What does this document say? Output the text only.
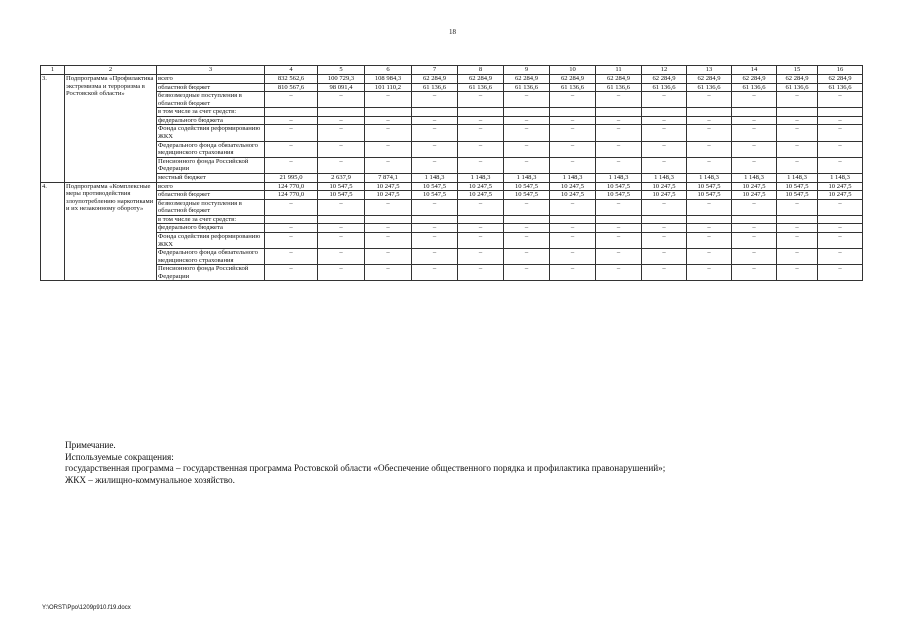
18
1	2	3	4	5	6	7	8	9	10	11	12	13	14	15	16
3.	Подпрограмма «Профилактика экстремизма и терроризма в Ростовской области»	всего	832 562,6	100 729,3	108 984,3	62 284,9	62 284,9	62 284,9	62 284,9	62 284,9	62 284,9	62 284,9	62 284,9	62 284,9	62 284,9
		областной бюджет	810 567,6	98 091,4	101 110,2	61 136,6	61 136,6	61 136,6	61 136,6	61 136,6	61 136,6	61 136,6	61 136,6	61 136,6	61 136,6
		безвозмездные поступления в областной бюджет	–	–	–	–	–	–	–	–	–	–	–	–	–
		в том числе за счет средств:													
		федерального бюджета	–	–	–	–	–	–	–	–	–	–	–	–	–
		Фонда содействия реформированию ЖКХ	–	–	–	–	–	–	–	–	–	–	–	–	–
		Федерального фонда обязательного медицинского страхования	–	–	–	–	–	–	–	–	–	–	–	–	–
		Пенсионного фонда Российской Федерации	–	–	–	–	–	–	–	–	–	–	–	–	–
		местный бюджет	21 995,0	2 637,9	7 874,1	1 148,3	1 148,3	1 148,3	1 148,3	1 148,3	1 148,3	1 148,3	1 148,3	1 148,3	1 148,3
4.	Подпрограмма «Комплексные меры противодействия злоупотреблению наркотиками и их незаконному обороту»	всего	124 770,0	10 547,5	10 247,5	10 547,5	10 247,5	10 547,5	10 247,5	10 547,5	10 247,5	10 547,5	10 247,5	10 547,5	10 247,5
		областной бюджет	124 770,0	10 547,5	10 247,5	10 547,5	10 247,5	10 547,5	10 247,5	10 547,5	10 247,5	10 547,5	10 247,5	10 547,5	10 247,5
		безвозмездные поступления в областной бюджет	–	–	–	–	–	–	–	–	–	–	–	–	–
		в том числе за счет средств:													
		федерального бюджета	–	–	–	–	–	–	–	–	–	–	–	–	–
		Фонда содействия реформированию ЖКХ	–	–	–	–	–	–	–	–	–	–	–	–	–
		Федерального фонда обязательного медицинского страхования	–	–	–	–	–	–	–	–	–	–	–	–	–
		Пенсионного фонда Российской Федерации	–	–	–	–	–	–	–	–	–	–	–	–	–
Примечание.
Используемые сокращения:
государственная программа – государственная программа Ростовской области «Обеспечение общественного порядка и профилактика правонарушений»;
ЖКХ – жилищно-коммунальное хозяйство.
Y:\ORST\Ppo\1209p910.f19.docx
